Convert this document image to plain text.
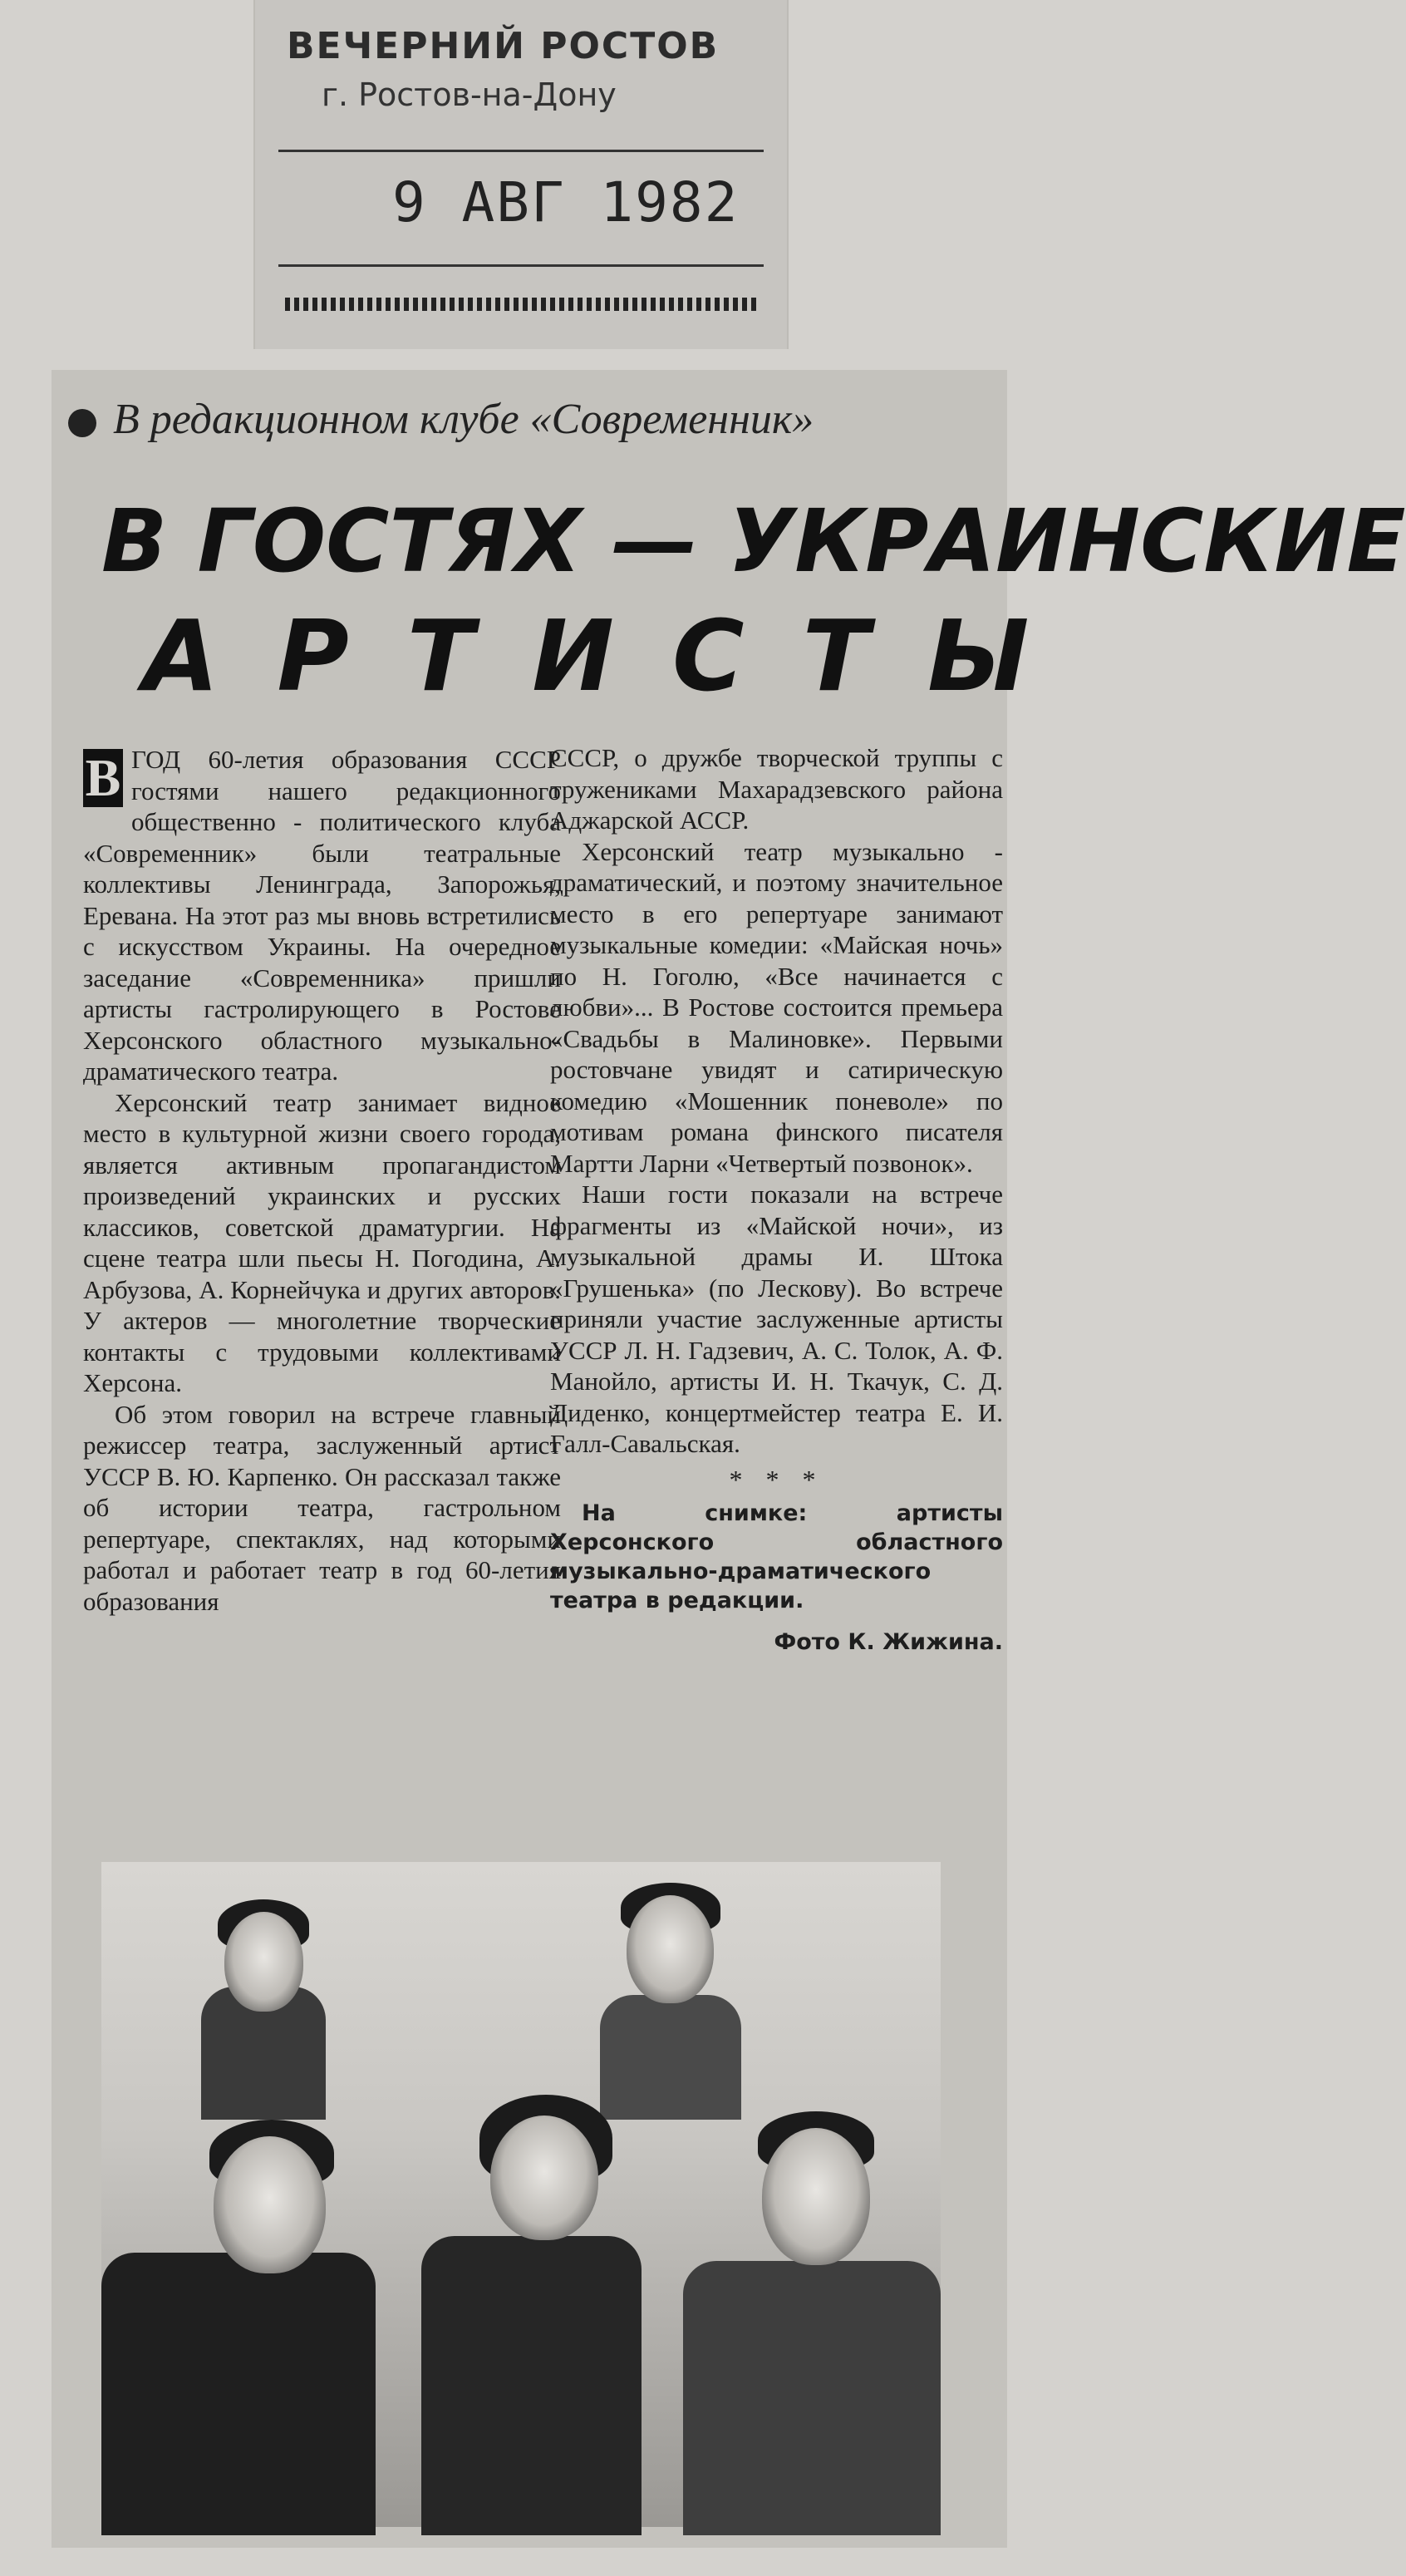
ВЕЧЕРНИЙ РОСТОВ
г. Ростов-на-Дону
9 АВГ 1982
В редакционном клубе «Современник»
В ГОСТЯХ — УКРАИНСКИЕ
АРТИСТЫ

В ГОД 60-летия образования СССР гостями нашего редакционного общественно - политического клуба «Современник» были театральные коллективы Ленинграда, Запорожья, Еревана. На этот раз мы вновь встретились с искусством Украины. На очередное заседание «Современника» пришли артисты гастролирующего в Ростове Херсонского областного музыкально-драматического театра.

Херсонский театр занимает видное место в культурной жизни своего города, является активным пропагандистом произведений украинских и русских классиков, советской драматургии. На сцене театра шли пьесы Н. Погодина, А. Арбузова, А. Корнейчука и других авторов. У актеров — многолетние творческие контакты с трудовыми коллективами Херсона.

Об этом говорил на встрече главный режиссер театра, заслуженный артист УССР В. Ю. Карпенко. Он рассказал также об истории театра, гастрольном репертуаре, спектаклях, над которыми работал и работает театр в год 60-летия образования

СССР, о дружбе творческой труппы с тружениками Махарадзевского района Аджарской АССР.

Херсонский театр музыкально - драматический, и поэтому значительное место в его репертуаре занимают музыкальные комедии: «Майская ночь» по Н. Гоголю, «Все начинается с любви»... В Ростове состоится премьера «Свадьбы в Малиновке». Первыми ростовчане увидят и сатирическую комедию «Мошенник поневоле» по мотивам романа финского писателя Мартти Ларни «Четвертый позвонок».

Наши гости показали на встрече фрагменты из «Майской ночи», из музыкальной драмы И. Штока «Грушенька» (по Лескову). Во встрече приняли участие заслуженные артисты УССР Л. Н. Гадзевич, А. С. Толок, А. Ф. Манойло, артисты И. Н. Ткачук, С. Д. Диденко, концертмейстер театра Е. И. Галл-Савальская.

* * *
На снимке: артисты Херсонского областного музыкально-драматического театра в редакции.
Фото К. Жижина.
